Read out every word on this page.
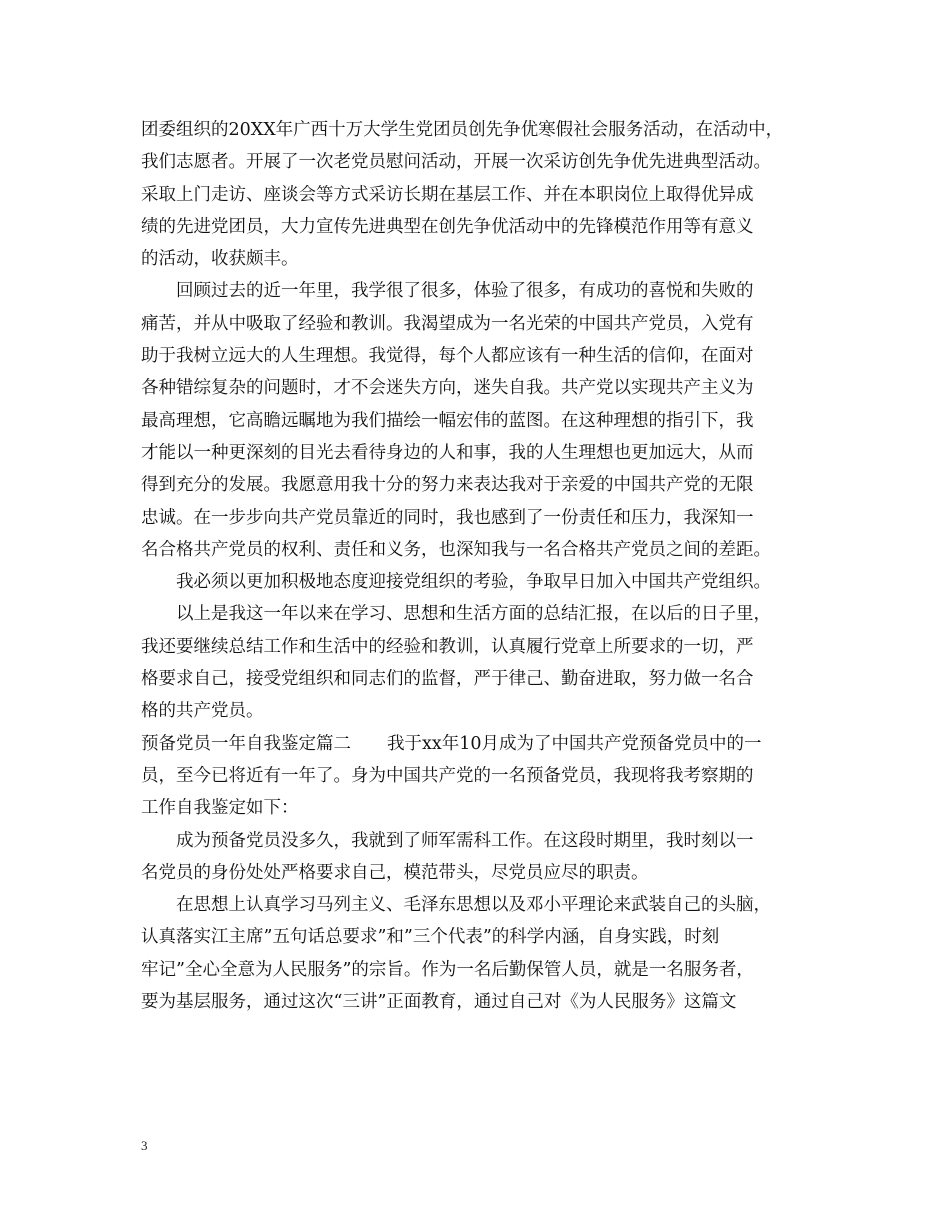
团委组织的20XX年广西十万大学生党团员创先争优寒假社会服务活动，在活动中，
我们志愿者。开展了一次老党员慰问活动，开展一次采访创先争优先进典型活动。
采取上门走访、座谈会等方式采访长期在基层工作、并在本职岗位上取得优异成
绩的先进党团员，大力宣传先进典型在创先争优活动中的先锋模范作用等有意义
的活动，收获颇丰。
回顾过去的近一年里，我学很了很多，体验了很多，有成功的喜悦和失败的
痛苦，并从中吸取了经验和教训。我渴望成为一名光荣的中国共产党员，入党有
助于我树立远大的人生理想。我觉得，每个人都应该有一种生活的信仰，在面对
各种错综复杂的问题时，才不会迷失方向，迷失自我。共产党以实现共产主义为
最高理想，它高瞻远瞩地为我们描绘一幅宏伟的蓝图。在这种理想的指引下，我
才能以一种更深刻的目光去看待身边的人和事，我的人生理想也更加远大，从而
得到充分的发展。我愿意用我十分的努力来表达我对于亲爱的中国共产党的无限
忠诚。在一步步向共产党员靠近的同时，我也感到了一份责任和压力，我深知一
名合格共产党员的权利、责任和义务，也深知我与一名合格共产党员之间的差距。
我必须以更加积极地态度迎接党组织的考验，争取早日加入中国共产党组织。
以上是我这一年以来在学习、思想和生活方面的总结汇报，在以后的日子里，
我还要继续总结工作和生活中的经验和教训，认真履行党章上所要求的一切，严
格要求自己，接受党组织和同志们的监督，严于律己、勤奋进取，努力做一名合
格的共产党员。
预备党员一年自我鉴定篇二 我于xx年10月成为了中国共产党预备党员中的一
员，至今已将近有一年了。身为中国共产党的一名预备党员，我现将我考察期的
工作自我鉴定如下：
成为预备党员没多久，我就到了师军需科工作。在这段时期里，我时刻以一
名党员的身份处处严格要求自己，模范带头，尽党员应尽的职责。
在思想上认真学习马列主义、毛泽东思想以及邓小平理论来武装自己的头脑，
认真落实江主席”五句话总要求”和”三个代表”的科学内涵，自身实践，时刻
牢记”全心全意为人民服务”的宗旨。作为一名后勤保管人员，就是一名服务者，
要为基层服务，通过这次“三讲”正面教育，通过自己对《为人民服务》这篇文
3
